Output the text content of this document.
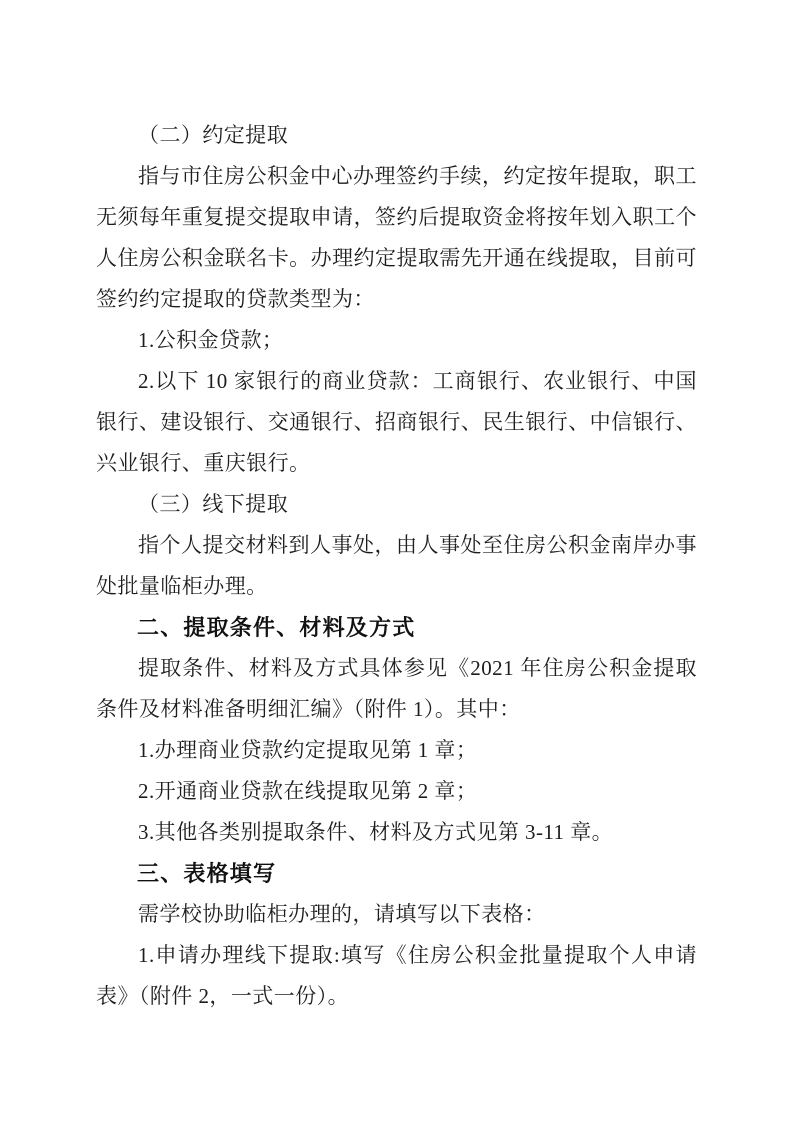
（二）约定提取

指与市住房公积金中心办理签约手续，约定按年提取，职工无须每年重复提交提取申请，签约后提取资金将按年划入职工个人住房公积金联名卡。办理约定提取需先开通在线提取，目前可签约约定提取的贷款类型为：

1.公积金贷款；

2.以下 10 家银行的商业贷款：工商银行、农业银行、中国银行、建设银行、交通银行、招商银行、民生银行、中信银行、兴业银行、重庆银行。

（三）线下提取

指个人提交材料到人事处，由人事处至住房公积金南岸办事处批量临柜办理。

二、提取条件、材料及方式

提取条件、材料及方式具体参见《2021 年住房公积金提取条件及材料准备明细汇编》（附件 1）。其中：

1.办理商业贷款约定提取见第 1 章；

2.开通商业贷款在线提取见第 2 章；

3.其他各类别提取条件、材料及方式见第 3-11 章。

三、表格填写

需学校协助临柜办理的，请填写以下表格：

1.申请办理线下提取:填写《住房公积金批量提取个人申请表》（附件 2，一式一份）。
